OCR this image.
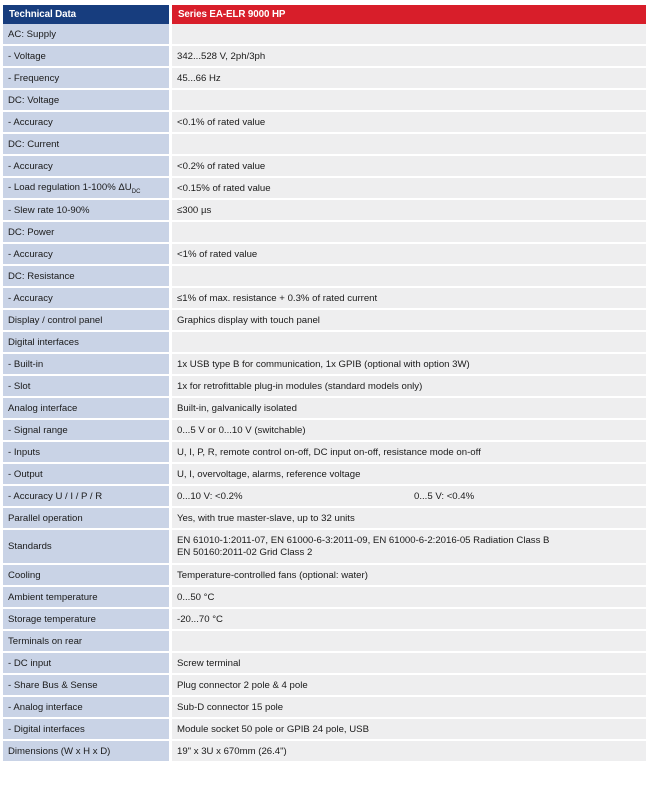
Technical Data	Series EA-ELR 9000 HP	
AC: Supply		
- Voltage	342...528 V, 2ph/3ph	
- Frequency	45...66 Hz	
DC: Voltage		
- Accuracy	<0.1% of rated value	
DC: Current		
- Accuracy	<0.2% of rated value	
- Load regulation 1-100% $\Delta U_{DC}$	<0.15% of rated value	
- Slew rate 10-90%	≤300 µs	
DC: Power		
- Accuracy	<1% of rated value	
DC: Resistance		
- Accuracy	≤1% of max. resistance + 0.3% of rated current	
Display / control panel	Graphics display with touch panel	
Digital interfaces		
- Built-in	1x USB type B for communication, 1x GPIB (optional with option 3W)	
- Slot	1x for retrofittable plug-in modules (standard models only)	
Analog interface	Built-in, galvanically isolated	
- Signal range	0...5 V or 0...10 V (switchable)	
- Inputs	U, I, P, R, remote control on-off, DC input on-off, resistance mode on-off	
- Output	U, I, overvoltage, alarms, reference voltage	
- Accuracy U / I / P / R	0...10 V: <0.2%	0...5 V: <0.4%
Parallel operation	Yes, with true master-slave, up to 32 units	
Standards	EN 61010-1:2011-07, EN 61000-6-3:2011-09, EN 61000-6-2:2016-05 Radiation Class B
EN 50160:2011-02 Grid Class 2	

Cooling	Temperature-controlled fans (optional: water)	
Ambient temperature	0...50 °C	
Storage temperature	-20...70 °C	
Terminals on rear		
- DC input	Screw terminal	
- Share Bus & Sense	Plug connector 2 pole & 4 pole	
- Analog interface	Sub-D connector 15 pole	
- Digital interfaces	Module socket 50 pole or GPIB 24 pole, USB	
Dimensions (W x H x D)	19" x 3U x 670mm (26.4")	
